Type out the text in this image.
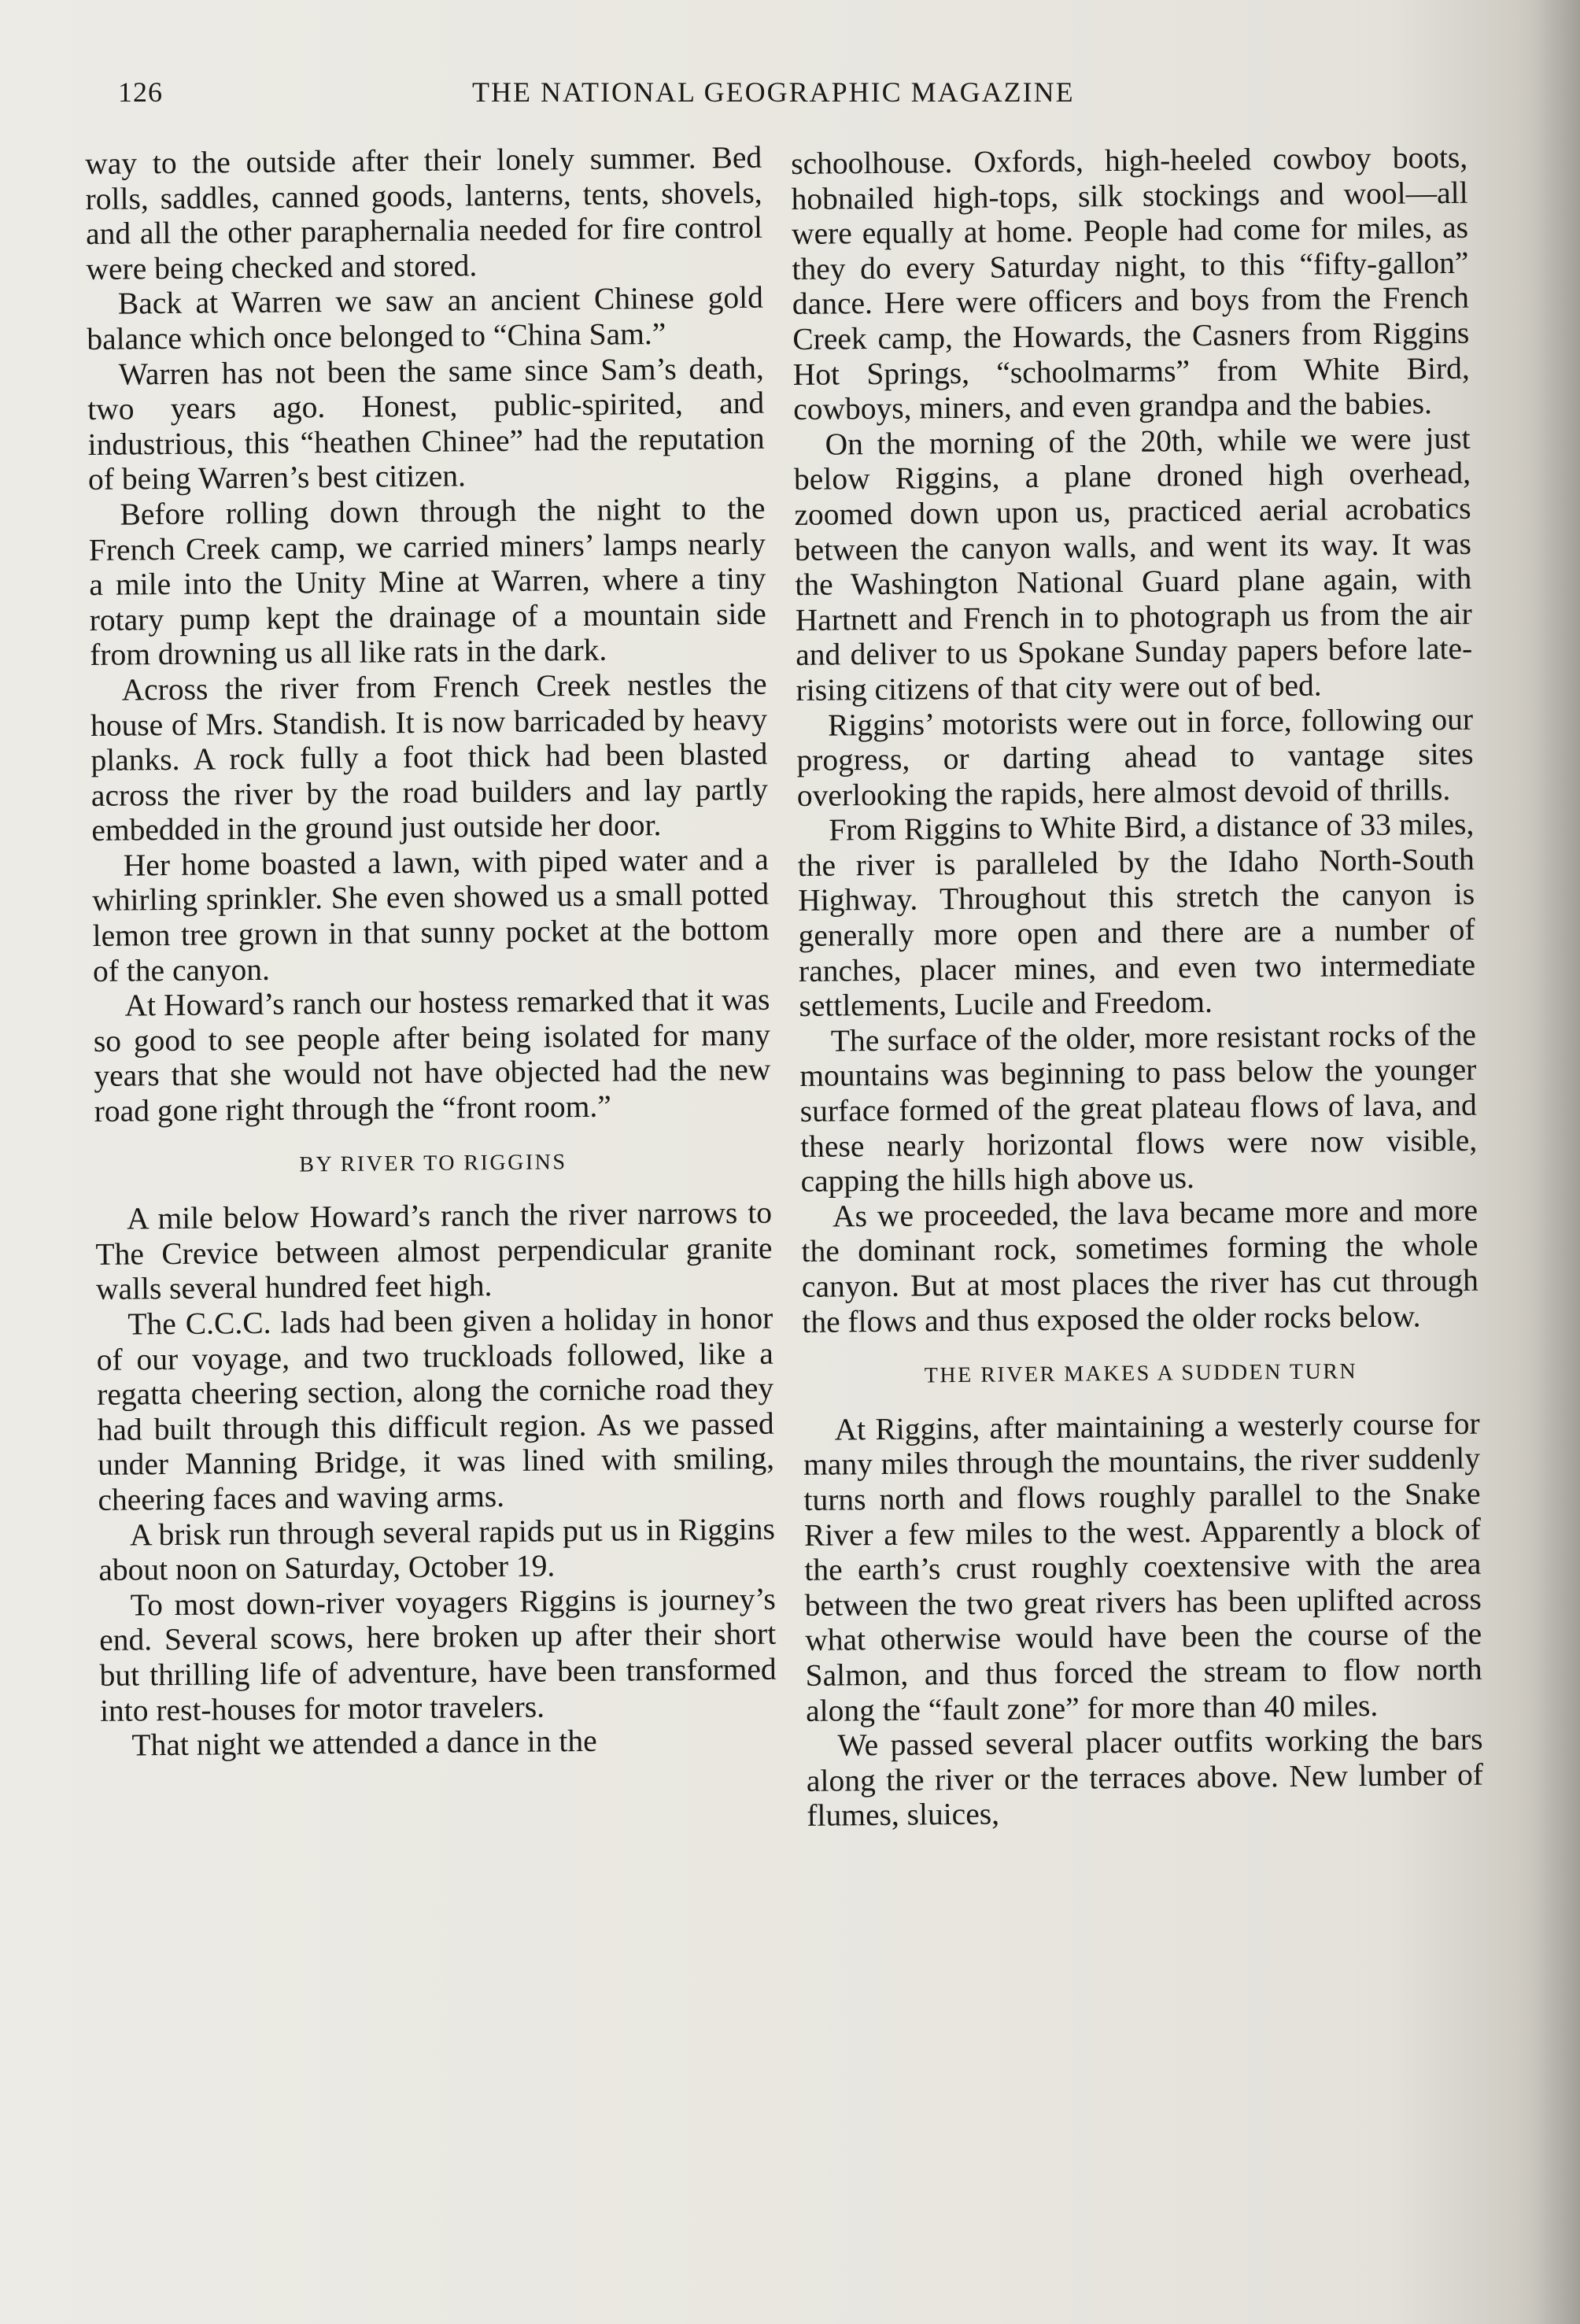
126	THE NATIONAL GEOGRAPHIC MAGAZINE

way to the outside after their lonely summer. Bed rolls, saddles, canned goods, lanterns, tents, shovels, and all the other paraphernalia needed for fire control were being checked and stored.

Back at Warren we saw an ancient Chinese gold balance which once belonged to “China Sam.”

Warren has not been the same since Sam’s death, two years ago. Honest, public-spirited, and industrious, this “heathen Chinee” had the reputation of being Warren’s best citizen.

Before rolling down through the night to the French Creek camp, we carried miners’ lamps nearly a mile into the Unity Mine at Warren, where a tiny rotary pump kept the drainage of a mountain side from drowning us all like rats in the dark.

Across the river from French Creek nestles the house of Mrs. Standish. It is now barricaded by heavy planks. A rock fully a foot thick had been blasted across the river by the road builders and lay partly embedded in the ground just outside her door.

Her home boasted a lawn, with piped water and a whirling sprinkler. She even showed us a small potted lemon tree grown in that sunny pocket at the bottom of the canyon.

At Howard’s ranch our hostess remarked that it was so good to see people after being isolated for many years that she would not have objected had the new road gone right through the “front room.”

BY RIVER TO RIGGINS

A mile below Howard’s ranch the river narrows to The Crevice between almost perpendicular granite walls several hundred feet high.

The C.C.C. lads had been given a holiday in honor of our voyage, and two truckloads followed, like a regatta cheering section, along the corniche road they had built through this difficult region. As we passed under Manning Bridge, it was lined with smiling, cheering faces and waving arms.

A brisk run through several rapids put us in Riggins about noon on Saturday, October 19.

To most down-river voyagers Riggins is journey’s end. Several scows, here broken up after their short but thrilling life of adventure, have been transformed into rest-houses for motor travelers.

That night we attended a dance in the

schoolhouse. Oxfords, high-heeled cowboy boots, hobnailed high-tops, silk stockings and wool—all were equally at home. People had come for miles, as they do every Saturday night, to this “fifty-gallon” dance. Here were officers and boys from the French Creek camp, the Howards, the Casners from Riggins Hot Springs, “schoolmarms” from White Bird, cowboys, miners, and even grandpa and the babies.

On the morning of the 20th, while we were just below Riggins, a plane droned high overhead, zoomed down upon us, practiced aerial acrobatics between the canyon walls, and went its way. It was the Washington National Guard plane again, with Hartnett and French in to photograph us from the air and deliver to us Spokane Sunday papers before late-rising citizens of that city were out of bed.

Riggins’ motorists were out in force, following our progress, or darting ahead to vantage sites overlooking the rapids, here almost devoid of thrills.

From Riggins to White Bird, a distance of 33 miles, the river is paralleled by the Idaho North-South Highway. Throughout this stretch the canyon is generally more open and there are a number of ranches, placer mines, and even two intermediate settlements, Lucile and Freedom.

The surface of the older, more resistant rocks of the mountains was beginning to pass below the younger surface formed of the great plateau flows of lava, and these nearly horizontal flows were now visible, capping the hills high above us.

As we proceeded, the lava became more and more the dominant rock, sometimes forming the whole canyon. But at most places the river has cut through the flows and thus exposed the older rocks below.

THE RIVER MAKES A SUDDEN TURN

At Riggins, after maintaining a westerly course for many miles through the mountains, the river suddenly turns north and flows roughly parallel to the Snake River a few miles to the west. Apparently a block of the earth’s crust roughly coextensive with the area between the two great rivers has been uplifted across what otherwise would have been the course of the Salmon, and thus forced the stream to flow north along the “fault zone” for more than 40 miles.

We passed several placer outfits working the bars along the river or the terraces above. New lumber of flumes, sluices,
